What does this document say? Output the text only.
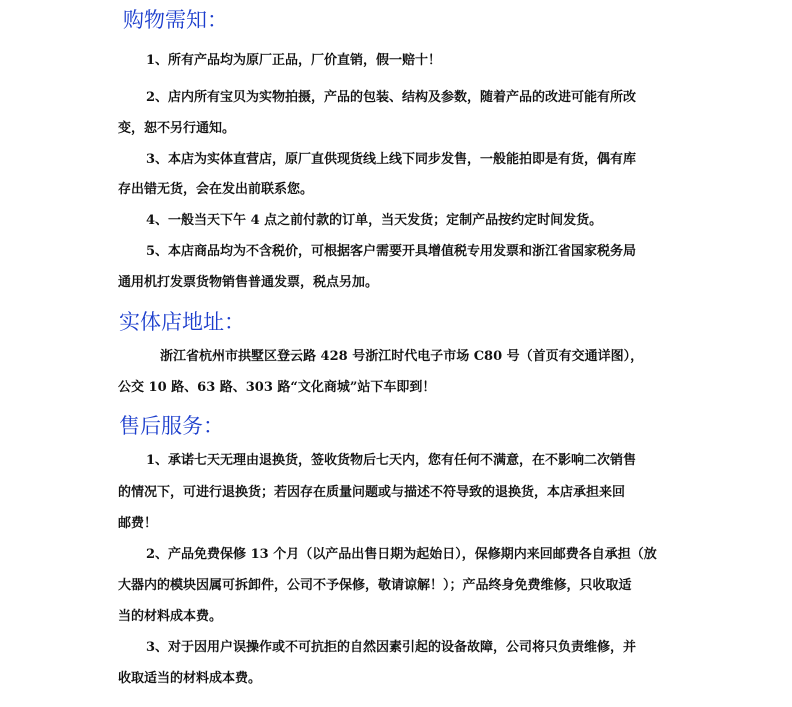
购物需知：

1、所有产品均为原厂正品，厂价直销，假一赔十！

2、店内所有宝贝为实物拍摄，产品的包装、结构及参数，随着产品的改进可能有所改

变，恕不另行通知。

3、本店为实体直营店，原厂直供现货线上线下同步发售，一般能拍即是有货，偶有库

存出错无货，会在发出前联系您。

4、一般当天下午 4 点之前付款的订单，当天发货；定制产品按约定时间发货。

5、本店商品均为不含税价，可根据客户需要开具增值税专用发票和浙江省国家税务局

通用机打发票货物销售普通发票，税点另加。

实体店地址：

浙江省杭州市拱墅区登云路 428 号浙江时代电子市场 C80 号（首页有交通详图），

公交 10 路、63 路、303 路“文化商城”站下车即到！

售后服务：

1、承诺七天无理由退换货，签收货物后七天内，您有任何不满意，在不影响二次销售

的情况下，可进行退换货；若因存在质量问题或与描述不符导致的退换货，本店承担来回

邮费！

2、产品免费保修 13 个月（以产品出售日期为起始日），保修期内来回邮费各自承担（放

大器内的模块因属可拆卸件，公司不予保修，敬请谅解！）；产品终身免费维修，只收取适

当的材料成本费。

3、对于因用户误操作或不可抗拒的自然因素引起的设备故障，公司将只负责维修，并

收取适当的材料成本费。
